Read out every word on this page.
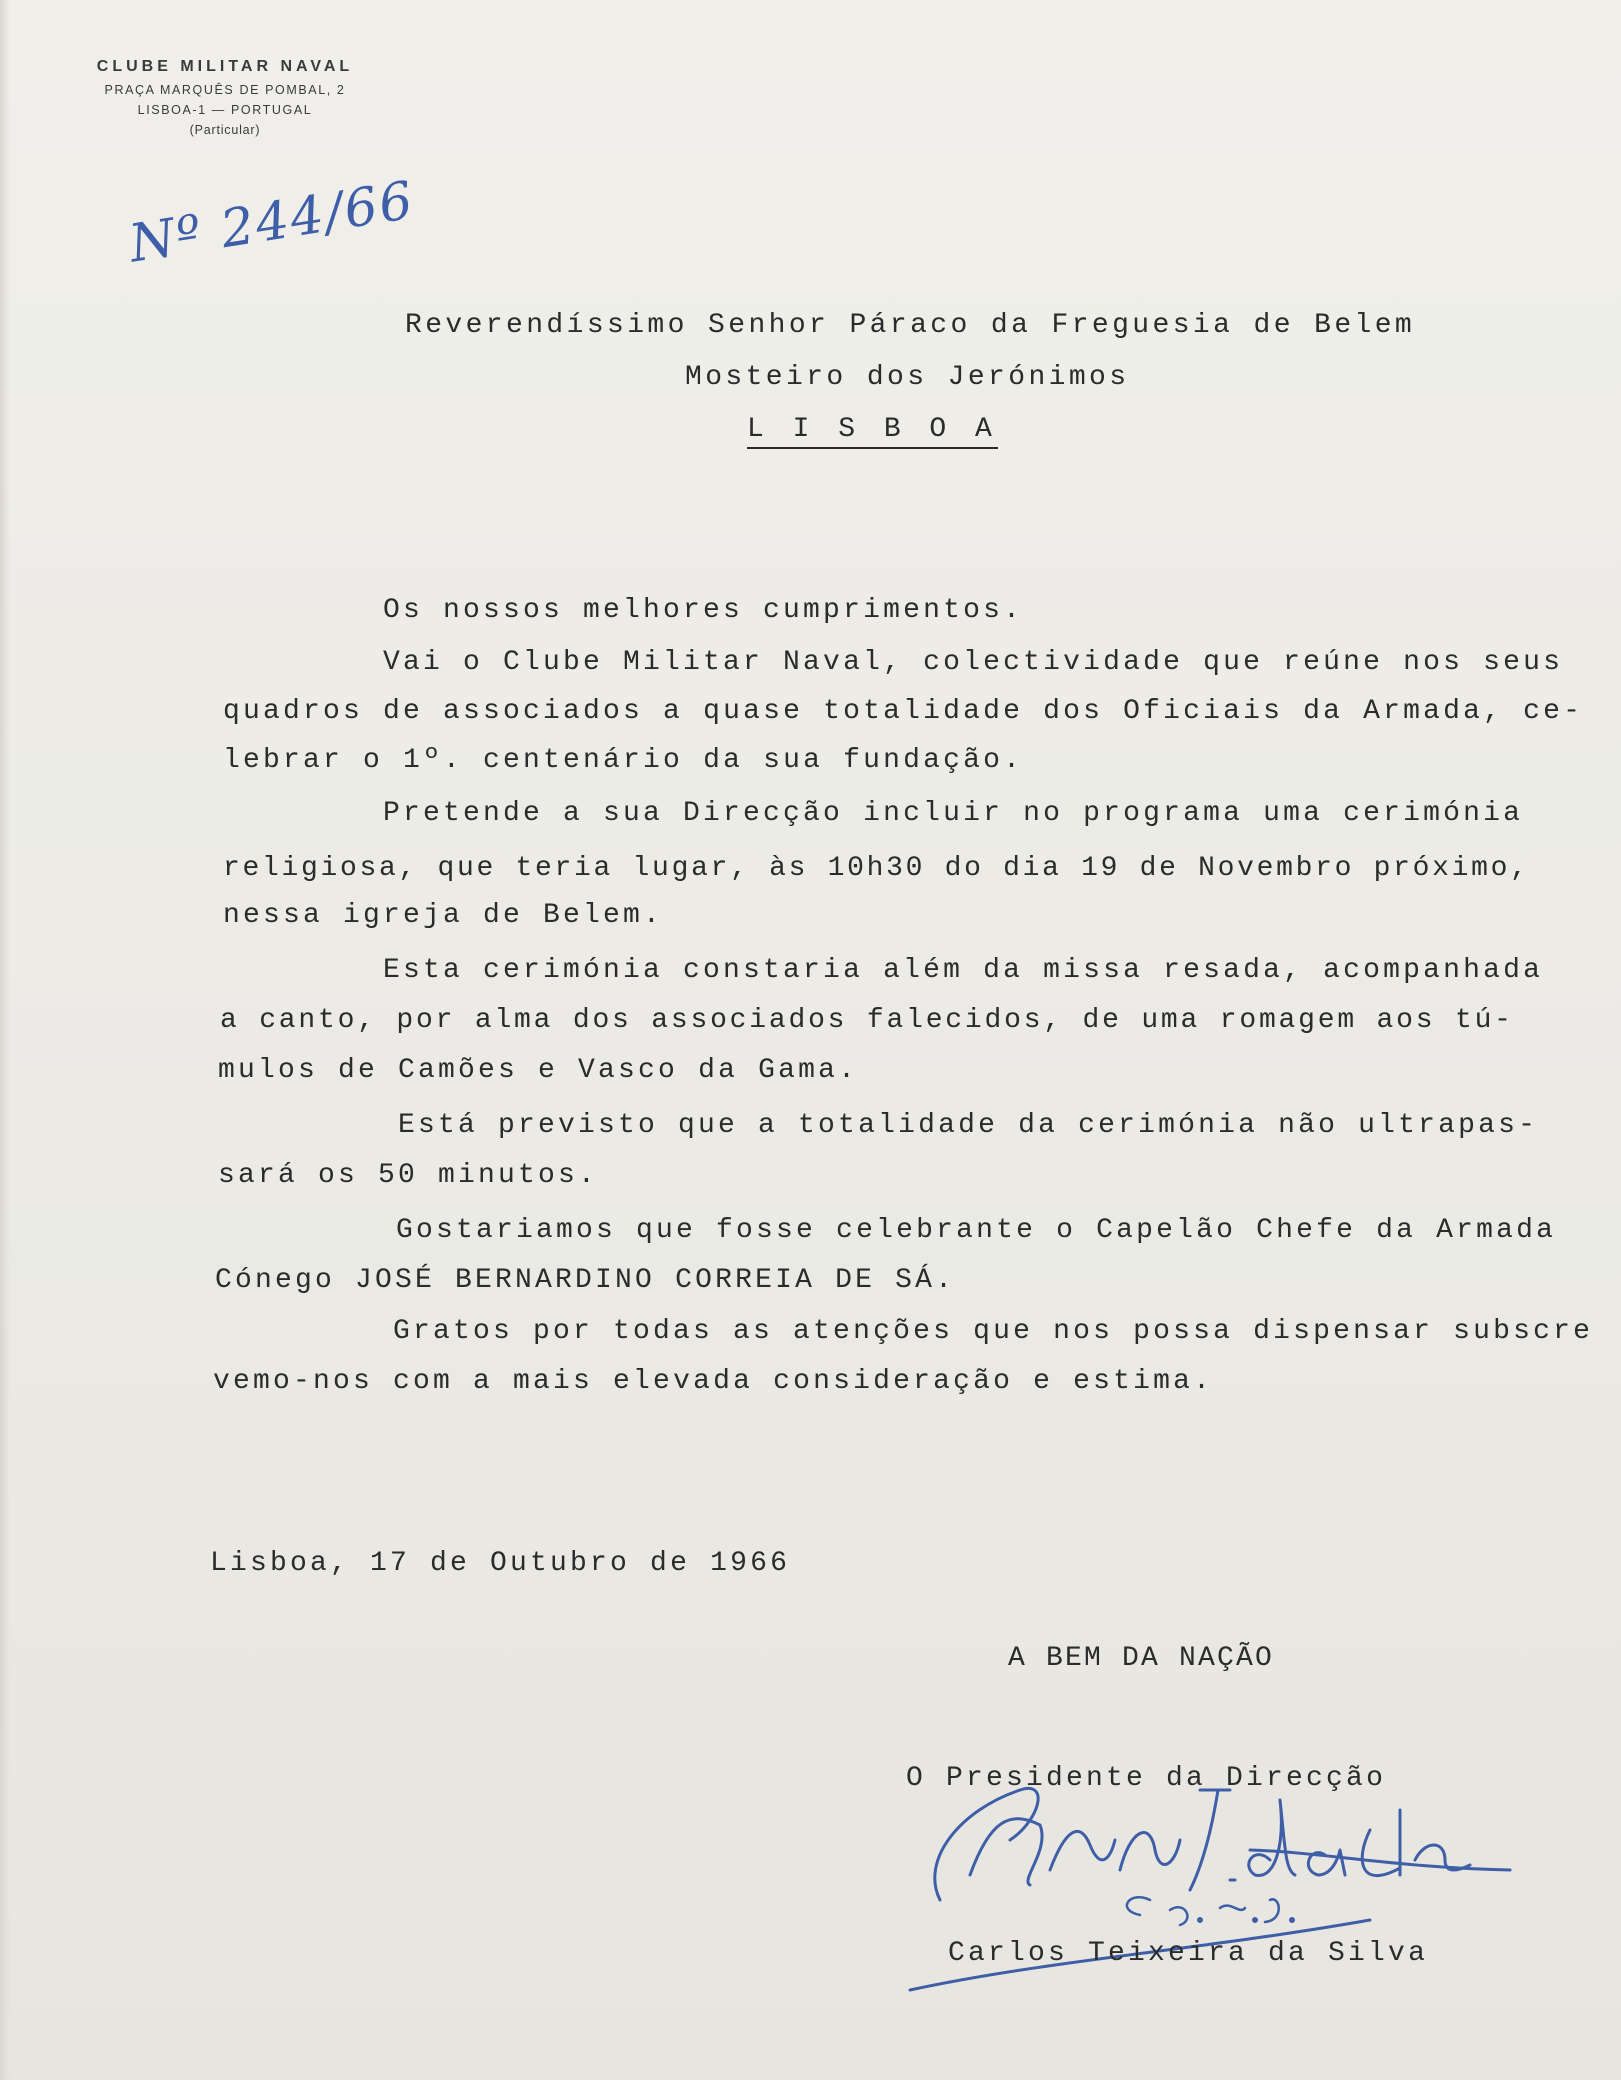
CLUBE MILITAR NAVAL
PRAÇA MARQUÊS DE POMBAL, 2
LISBOA-1 — PORTUGAL
(Particular)
Nº 244/66
Reverendíssimo Senhor Páraco da Freguesia de Belem
Mosteiro dos Jerónimos
L I S B O A
Os nossos melhores cumprimentos.
Vai o Clube Militar Naval, colectividade que reúne nos seus
quadros de associados a quase totalidade dos Oficiais da Armada, ce-
lebrar o 1º. centenário da sua fundação.
Pretende a sua Direcção incluir no programa uma cerimónia
religiosa, que teria lugar, às 10h30 do dia 19 de Novembro próximo,
nessa igreja de Belem.
Esta cerimónia constaria além da missa resada, acompanhada
a canto, por alma dos associados falecidos, de uma romagem aos tú-
mulos de Camões e Vasco da Gama.
Está previsto que a totalidade da cerimónia não ultrapas-
sará os 50 minutos.
Gostariamos que fosse celebrante o Capelão Chefe da Armada
Cónego JOSÉ BERNARDINO CORREIA DE SÁ.
Gratos por todas as atenções que nos possa dispensar subscre
vemo-nos com a mais elevada consideração e estima.
Lisboa, 17 de Outubro de 1966
A BEM DA NAÇÃO
O Presidente da Direcção
Carlos Teixeira da Silva
